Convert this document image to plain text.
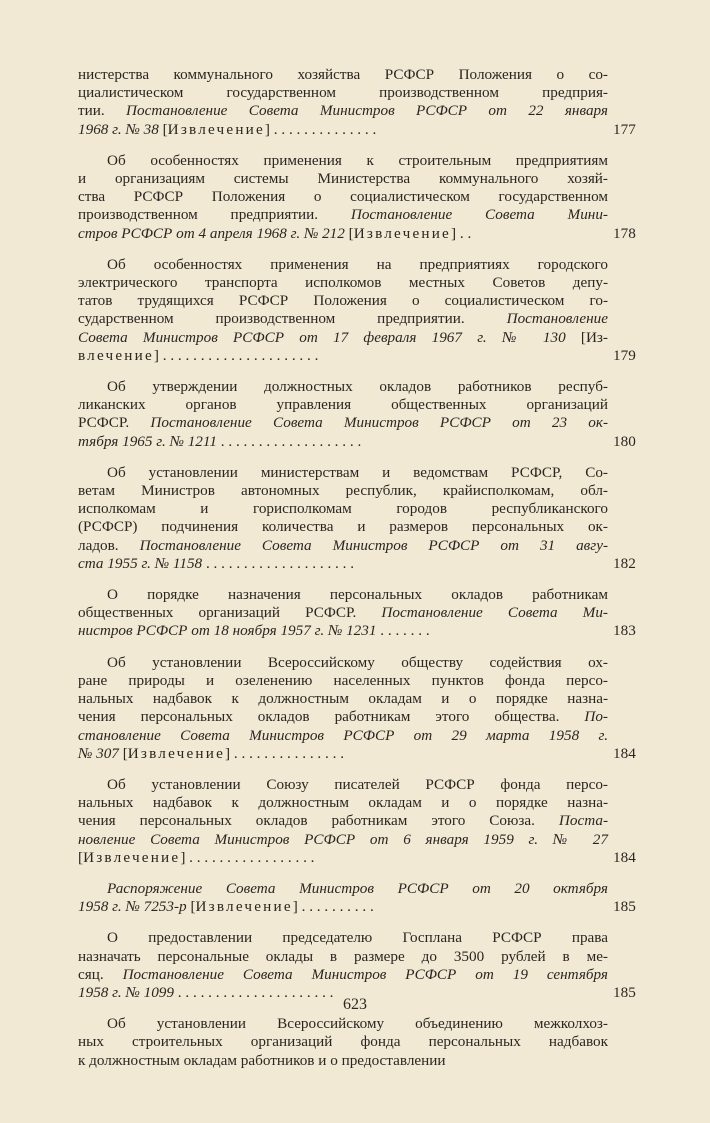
нистерства коммунального хозяйства РСФСР Положения о со-
циалистическом государственном производственном предприя-
тии. Постановление Совета Министров РСФСР от 22 января
1968 г. № 38 [Извлечение] . . . . . . . . . . . . . .	177
Об особенностях применения к строительным предприятиям
и организациям системы Министерства коммунального хозяй-
ства РСФСР Положения о социалистическом государственном
производственном предприятии. Постановление Совета Мини-
стров РСФСР от 4 апреля 1968 г. № 212 [Извлечение] . .	178
Об особенностях применения на предприятиях городского
электрического транспорта исполкомов местных Советов депу-
татов трудящихся РСФСР Положения о социалистическом го-
сударственном производственном предприятии. Постановление
Совета Министров РСФСР от 17 февраля 1967 г. № 130 [Из-
влечение] . . . . . . . . . . . . . . . . . . . . .	179
Об утверждении должностных окладов работников респуб-
ликанских органов управления общественных организаций
РСФСР. Постановление Совета Министров РСФСР от 23 ок-
тября 1965 г. № 1211 . . . . . . . . . . . . . . . . . . .	180
Об установлении министерствам и ведомствам РСФСР, Со-
ветам Министров автономных республик, крайисполкомам, обл-
исполкомам и горисполкомам городов республиканского
(РСФСР) подчинения количества и размеров персональных ок-
ладов. Постановление Совета Министров РСФСР от 31 авгу-
ста 1955 г. № 1158 . . . . . . . . . . . . . . . . . . . .	182
О порядке назначения персональных окладов работникам
общественных организаций РСФСР. Постановление Совета Ми-
нистров РСФСР от 18 ноября 1957 г. № 1231 . . . . . . .	183
Об установлении Всероссийскому обществу содействия ох-
ране природы и озеленению населенных пунктов фонда персо-
нальных надбавок к должностным окладам и о порядке назна-
чения персональных окладов работникам этого общества. По-
становление Совета Министров РСФСР от 29 марта 1958 г.
№ 307 [Извлечение] . . . . . . . . . . . . . . .	184
Об установлении Союзу писателей РСФСР фонда персо-
нальных надбавок к должностным окладам и о порядке назна-
чения персональных окладов работникам этого Союза. Поста-
новление Совета Министров РСФСР от 6 января 1959 г. № 27
[Извлечение] . . . . . . . . . . . . . . . . .	184
Распоряжение Совета Министров РСФСР от 20 октября
1958 г. № 7253-р [Извлечение] . . . . . . . . . .	185
О предоставлении председателю Госплана РСФСР права
назначать персональные оклады в размере до 3500 рублей в ме-
сяц. Постановление Совета Министров РСФСР от 19 сентября
1958 г. № 1099 . . . . . . . . . . . . . . . . . . . . .	185
Об установлении Всероссийскому объединению межколхоз-
ных строительных организаций фонда персональных надбавок
к должностным окладам работников и о предоставлении
623
